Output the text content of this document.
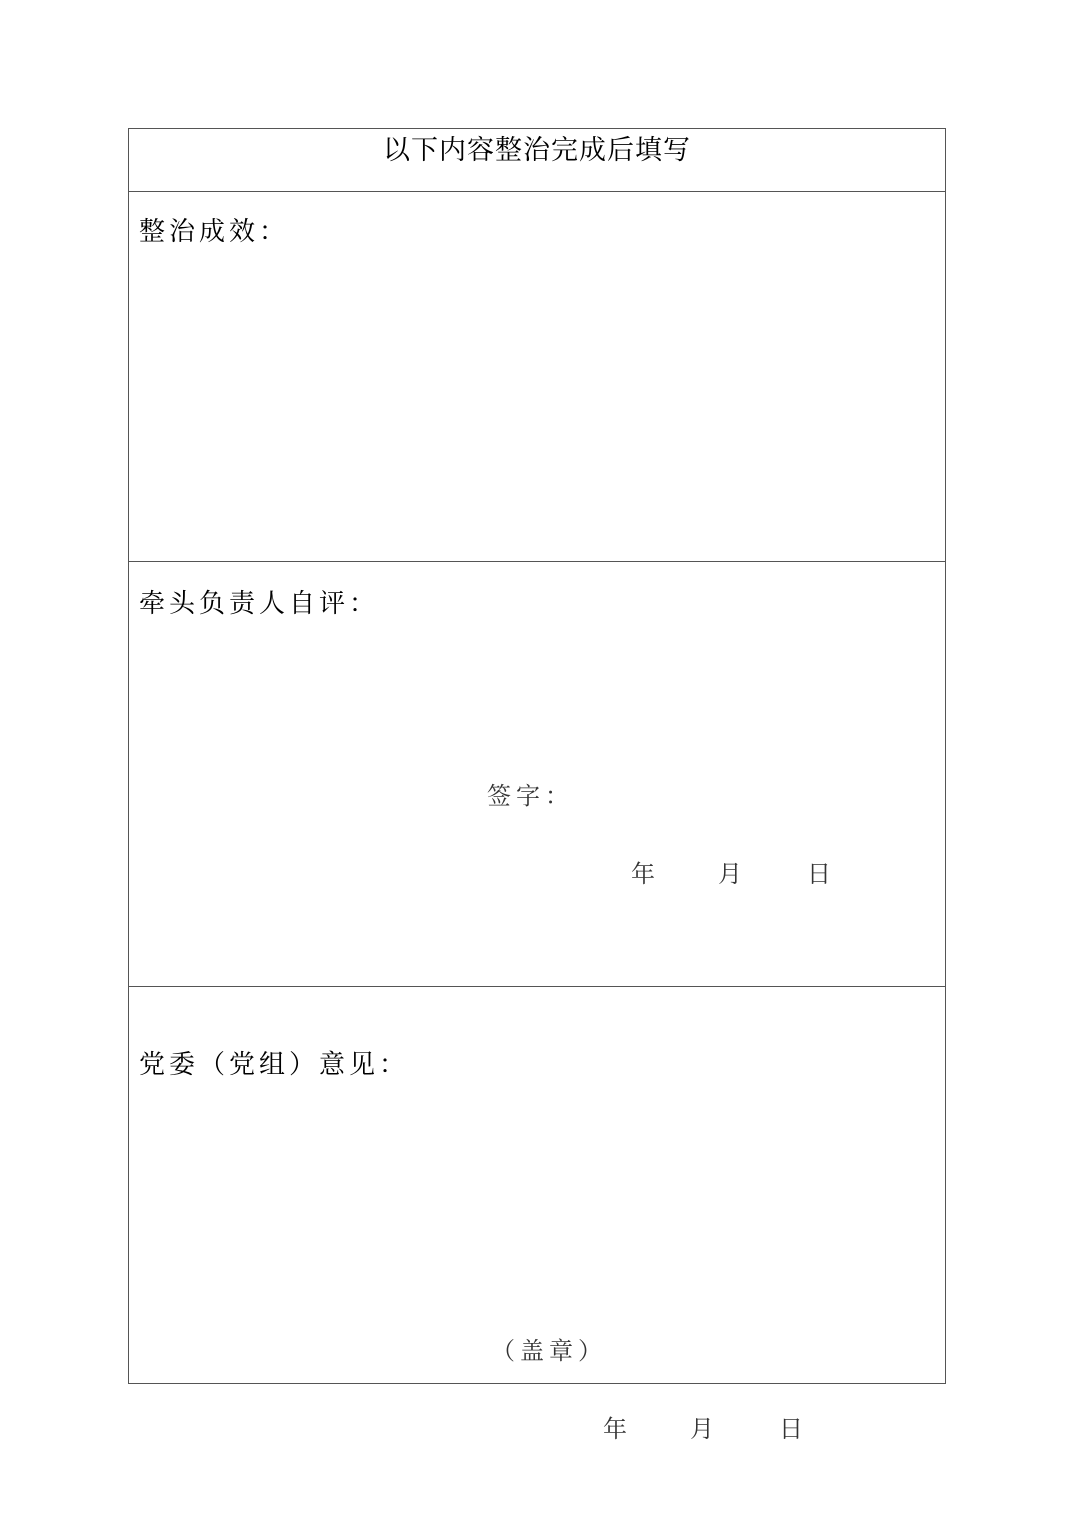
以下内容整治完成后填写
整治成效：
牵头负责人自评：
签字：
年	月	日
党委（党组）意见：
（盖章）
年	月	日
